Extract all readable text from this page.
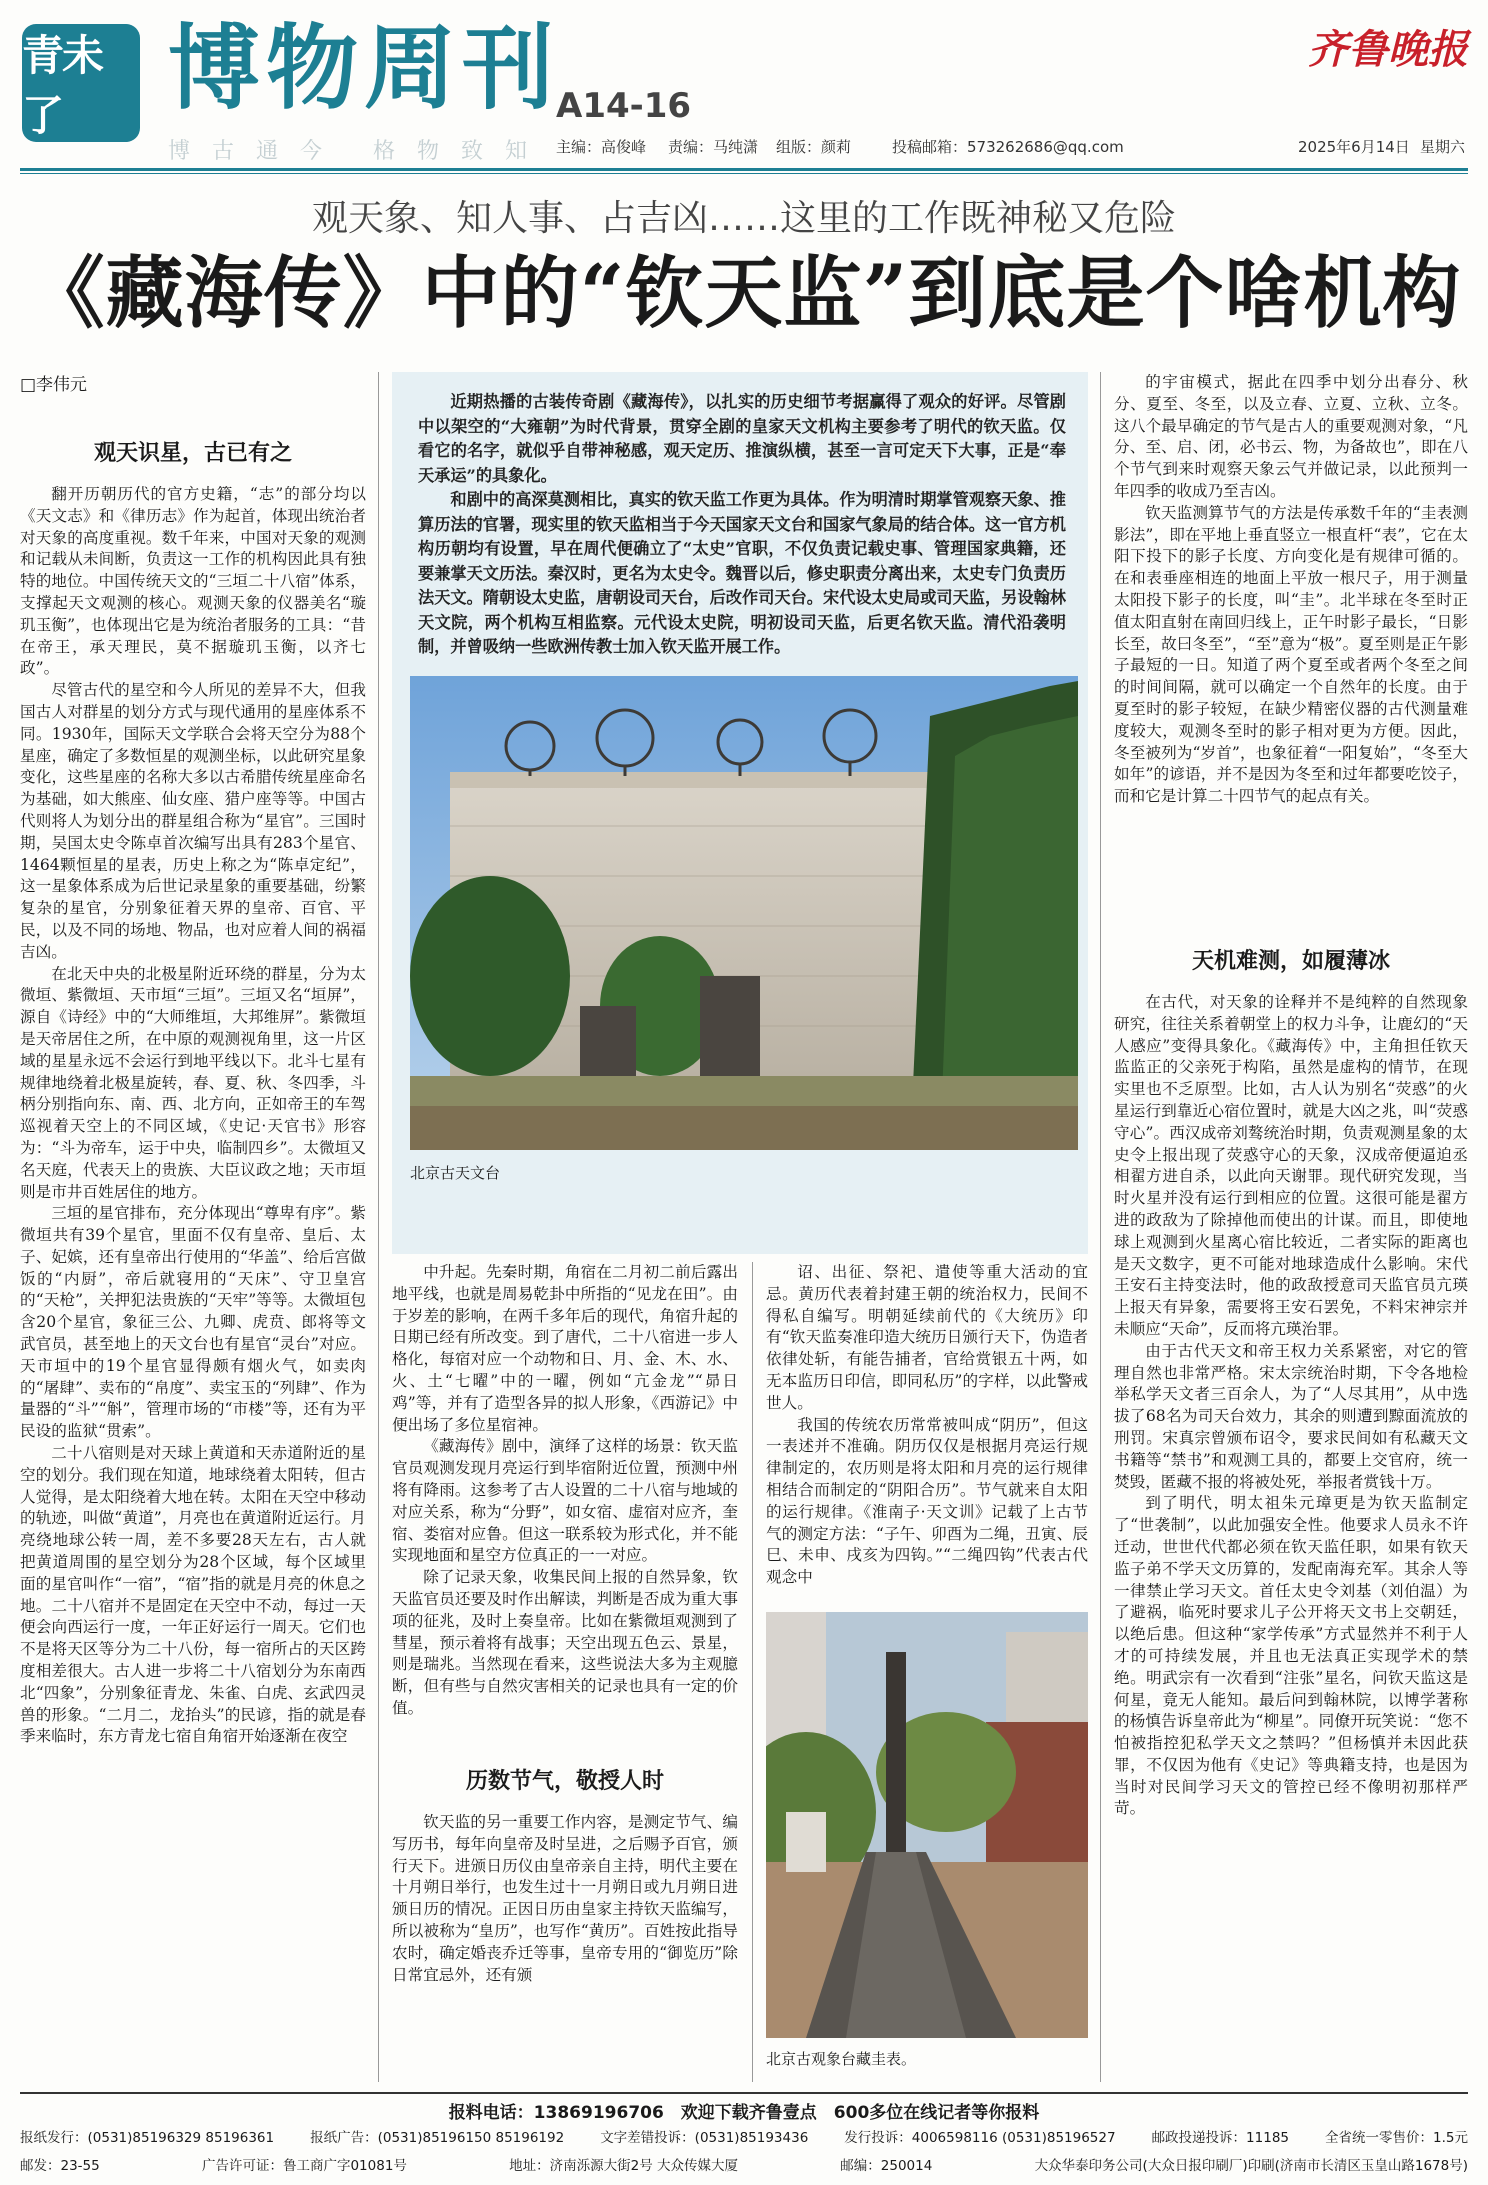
青未了	博物周刊
A14-16
齐鲁晚报
博古通今 格物致知 主编：高俊峰 责编：马纯潇 组版：颜莉	投稿邮箱：573262686@qq.com	2025年6月14日 星期六
观天象、知人事、占吉凶……这里的工作既神秘又危险
《藏海传》中的“钦天监”到底是个啥机构
□李伟元
观天识星，古已有之

翻开历朝历代的官方史籍，“志”的部分均以《天文志》和《律历志》作为起首，体现出统治者对天象的高度重视。数千年来，中国对天象的观测和记载从未间断，负责这一工作的机构因此具有独特的地位。中国传统天文的“三垣二十八宿”体系，支撑起天文观测的核心。观测天象的仪器美名“璇玑玉衡”，也体现出它是为统治者服务的工具：“昔在帝王，承天理民，莫不据璇玑玉衡，以齐七政”。

尽管古代的星空和今人所见的差异不大，但我国古人对群星的划分方式与现代通用的星座体系不同。1930年，国际天文学联合会将天空分为88个星座，确定了多数恒星的观测坐标，以此研究星象变化，这些星座的名称大多以古希腊传统星座命名为基础，如大熊座、仙女座、猎户座等等。中国古代则将人为划分出的群星组合称为“星官”。三国时期，吴国太史令陈卓首次编写出具有283个星官、1464颗恒星的星表，历史上称之为“陈卓定纪”，这一星象体系成为后世记录星象的重要基础，纷繁复杂的星官，分别象征着天界的皇帝、百官、平民，以及不同的场地、物品，也对应着人间的祸福吉凶。

在北天中央的北极星附近环绕的群星，分为太微垣、紫微垣、天市垣“三垣”。三垣又名“垣屏”，源自《诗经》中的“大师维垣，大邦维屏”。紫微垣是天帝居住之所，在中原的观测视角里，这一片区域的星星永远不会运行到地平线以下。北斗七星有规律地绕着北极星旋转，春、夏、秋、冬四季，斗柄分别指向东、南、西、北方向，正如帝王的车驾巡视着天空上的不同区域，《史记·天官书》形容为：“斗为帝车，运于中央，临制四乡”。太微垣又名天庭，代表天上的贵族、大臣议政之地；天市垣则是市井百姓居住的地方。

三垣的星官排布，充分体现出“尊卑有序”。紫微垣共有39个星官，里面不仅有皇帝、皇后、太子、妃嫔，还有皇帝出行使用的“华盖”、给后宫做饭的“内厨”，帝后就寝用的“天床”、守卫皇宫的“天枪”，关押犯法贵族的“天牢”等等。太微垣包含20个星官，象征三公、九卿、虎贲、郎将等文武官员，甚至地上的天文台也有星官“灵台”对应。天市垣中的19个星官显得颇有烟火气，如卖肉的“屠肆”、卖布的“帛度”、卖宝玉的“列肆”、作为量器的“斗”“斛”，管理市场的“市楼”等，还有为平民设的监狱“贯索”。

二十八宿则是对天球上黄道和天赤道附近的星空的划分。我们现在知道，地球绕着太阳转，但古人觉得，是太阳绕着大地在转。太阳在天空中移动的轨迹，叫做“黄道”，月亮也在黄道附近运行。月亮绕地球公转一周，差不多要28天左右，古人就把黄道周围的星空划分为28个区域，每个区域里面的星官叫作“一宿”，“宿”指的就是月亮的休息之地。二十八宿并不是固定在天空中不动，每过一天便会向西运行一度，一年正好运行一周天。它们也不是将天区等分为二十八份，每一宿所占的天区跨度相差很大。古人进一步将二十八宿划分为东南西北“四象”，分别象征青龙、朱雀、白虎、玄武四灵兽的形象。“二月二，龙抬头”的民谚，指的就是春季来临时，东方青龙七宿自角宿开始逐渐在夜空

近期热播的古装传奇剧《藏海传》，以扎实的历史细节考据赢得了观众的好评。尽管剧中以架空的“大雍朝”为时代背景，贯穿全剧的皇家天文机构主要参考了明代的钦天监。仅看它的名字，就似乎自带神秘感，观天定历、推演纵横，甚至一言可定天下大事，正是“奉天承运”的具象化。

和剧中的高深莫测相比，真实的钦天监工作更为具体。作为明清时期掌管观察天象、推算历法的官署，现实里的钦天监相当于今天国家天文台和国家气象局的结合体。这一官方机构历朝均有设置，早在周代便确立了“太史”官职，不仅负责记载史事、管理国家典籍，还要兼掌天文历法。秦汉时，更名为太史令。魏晋以后，修史职责分离出来，太史专门负责历法天文。隋朝设太史监，唐朝设司天台，后改作司天台。宋代设太史局或司天监，另设翰林天文院，两个机构互相监察。元代设太史院，明初设司天监，后更名钦天监。清代沿袭明制，并曾吸纳一些欧洲传教士加入钦天监开展工作。

北京古天文台

中升起。先秦时期，角宿在二月初二前后露出地平线，也就是周易乾卦中所指的“见龙在田”。由于岁差的影响，在两千多年后的现代，角宿升起的日期已经有所改变。到了唐代，二十八宿进一步人格化，每宿对应一个动物和日、月、金、木、水、火、土“七曜”中的一曜，例如“亢金龙”“昴日鸡”等，并有了造型各异的拟人形象，《西游记》中便出场了多位星宿神。

《藏海传》剧中，演绎了这样的场景：钦天监官员观测发现月亮运行到毕宿附近位置，预测中州将有降雨。这参考了古人设置的二十八宿与地域的对应关系，称为“分野”，如女宿、虚宿对应齐，奎宿、娄宿对应鲁。但这一联系较为形式化，并不能实现地面和星空方位真正的一一对应。

除了记录天象，收集民间上报的自然异象，钦天监官员还要及时作出解读，判断是否成为重大事项的征兆，及时上奏皇帝。比如在紫微垣观测到了彗星，预示着将有战事；天空出现五色云、景星，则是瑞兆。当然现在看来，这些说法大多为主观臆断，但有些与自然灾害相关的记录也具有一定的价值。

历数节气，敬授人时

钦天监的另一重要工作内容，是测定节气、编写历书，每年向皇帝及时呈进，之后赐予百官，颁行天下。进颁日历仪由皇帝亲自主持，明代主要在十月朔日举行，也发生过十一月朔日或九月朔日进颁日历的情况。正因日历由皇家主持钦天监编写，所以被称为“皇历”，也写作“黄历”。百姓按此指导农时，确定婚丧乔迁等事，皇帝专用的“御览历”除日常宜忌外，还有颁

诏、出征、祭祀、遣使等重大活动的宜忌。黄历代表着封建王朝的统治权力，民间不得私自编写。明朝延续前代的《大统历》印有“钦天监奏准印造大统历日颁行天下，伪造者依律处斩，有能告捕者，官给赏银五十两，如无本监历日印信，即同私历”的字样，以此警戒世人。

我国的传统农历常常被叫成“阴历”，但这一表述并不准确。阴历仅仅是根据月亮运行规律制定的，农历则是将太阳和月亮的运行规律相结合而制定的“阴阳合历”。节气就来自太阳的运行规律。《淮南子·天文训》记载了上古节气的测定方法：“子午、卯酉为二绳，丑寅、辰巳、未申、戌亥为四钩。”“二绳四钩”代表古代观念中

北京古观象台藏圭表。

的宇宙模式，据此在四季中划分出春分、秋分、夏至、冬至，以及立春、立夏、立秋、立冬。这八个最早确定的节气是古人的重要观测对象，“凡分、至、启、闭，必书云、物，为备故也”，即在八个节气到来时观察天象云气并做记录，以此预判一年四季的收成乃至吉凶。

钦天监测算节气的方法是传承数千年的“圭表测影法”，即在平地上垂直竖立一根直杆“表”，它在太阳下投下的影子长度、方向变化是有规律可循的。在和表垂座相连的地面上平放一根尺子，用于测量太阳投下影子的长度，叫“圭”。北半球在冬至时正值太阳直射在南回归线上，正午时影子最长，“日影长至，故曰冬至”，“至”意为“极”。夏至则是正午影子最短的一日。知道了两个夏至或者两个冬至之间的时间间隔，就可以确定一个自然年的长度。由于夏至时的影子较短，在缺少精密仪器的古代测量难度较大，观测冬至时的影子相对更为方便。因此，冬至被列为“岁首”，也象征着“一阳复始”，“冬至大如年”的谚语，并不是因为冬至和过年都要吃饺子，而和它是计算二十四节气的起点有关。

天机难测，如履薄冰

在古代，对天象的诠释并不是纯粹的自然现象研究，往往关系着朝堂上的权力斗争，让鹿幻的“天人感应”变得具象化。《藏海传》中，主角担任钦天监监正的父亲死于构陷，虽然是虚构的情节，在现实里也不乏原型。比如，古人认为别名“荧惑”的火星运行到靠近心宿位置时，就是大凶之兆，叫“荧惑守心”。西汉成帝刘骜统治时期，负责观测星象的太史令上报出现了荧惑守心的天象，汉成帝便逼迫丞相翟方进自杀，以此向天谢罪。现代研究发现，当时火星并没有运行到相应的位置。这很可能是翟方进的政敌为了除掉他而使出的计谋。而且，即使地球上观测到火星离心宿比较近，二者实际的距离也是天文数字，更不可能对地球造成什么影响。宋代王安石主持变法时，他的政敌授意司天监官员亢瑛上报天有异象，需要将王安石罢免，不料宋神宗并未顺应“天命”，反而将亢瑛治罪。

由于古代天文和帝王权力关系紧密，对它的管理自然也非常严格。宋太宗统治时期，下令各地检举私学天文者三百余人，为了“人尽其用”，从中选拔了68名为司天台效力，其余的则遭到黥面流放的刑罚。宋真宗曾颁布诏令，要求民间如有私藏天文书籍等“禁书”和观测工具的，都要上交官府，统一焚毁，匿藏不报的将被处死，举报者赏钱十万。

到了明代，明太祖朱元璋更是为钦天监制定了“世袭制”，以此加强安全性。他要求人员永不许迁动，世世代代都必须在钦天监任职，如果有钦天监子弟不学天文历算的，发配南海充军。其余人等一律禁止学习天文。首任太史令刘基（刘伯温）为了避祸，临死时要求儿子公开将天文书上交朝廷，以绝后患。但这种“家学传承”方式显然并不利于人才的可持续发展，并且也无法真正实现学术的禁绝。明武宗有一次看到“注张”星名，问钦天监这是何星，竟无人能知。最后问到翰林院，以博学著称的杨慎告诉皇帝此为“柳星”。同僚开玩笑说：“您不怕被指控犯私学天文之禁吗？”但杨慎并未因此获罪，不仅因为他有《史记》等典籍支持，也是因为当时对民间学习天文的管控已经不像明初那样严苛。

报料电话：13869196706　欢迎下载齐鲁壹点　600多位在线记者等你报料
报纸发行：(0531)85196329 85196361	报纸广告：(0531)85196150 85196192	文字差错投诉：(0531)85193436	发行投诉：4006598116 (0531)85196527	邮政投递投诉：11185	全省统一零售价：1.5元
邮发：23-55	广告许可证：鲁工商广字01081号	地址：济南泺源大街2号 大众传媒大厦	邮编：250014	大众华泰印务公司(大众日报印刷厂)印刷(济南市长清区玉皇山路1678号)
